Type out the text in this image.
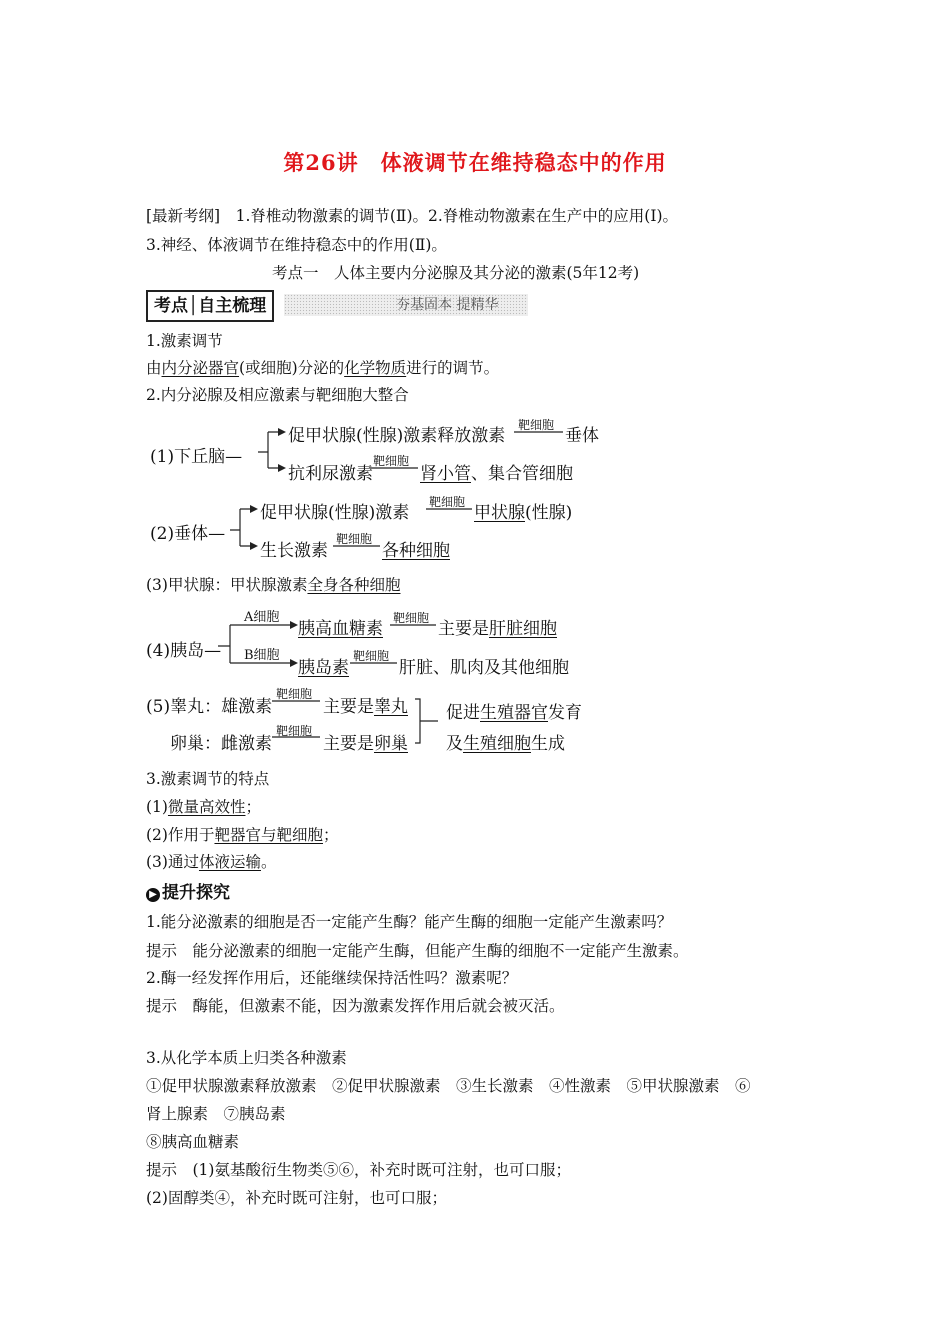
第26讲　体液调节在维持稳态中的作用
[最新考纲]　1.脊椎动物激素的调节(Ⅱ)。2.脊椎动物激素在生产中的应用(Ⅰ)。
3.神经、体液调节在维持稳态中的作用(Ⅱ)。
考点一　人体主要内分泌腺及其分泌的激素(5年12考)
考点│自主梳理	夯基固本 提精华
1.激素调节
由内分泌器官(或细胞)分泌的化学物质进行的调节。
2.内分泌腺及相应激素与靶细胞大整合
(1)下丘脑—
促甲状腺(性腺)激素释放激素
靶细胞
垂体
抗利尿激素
靶细胞
肾小管、集合管细胞
(2)垂体—
促甲状腺(性腺)激素
靶细胞
甲状腺(性腺)
生长激素
靶细胞
各种细胞
(3)甲状腺：甲状腺激素全身各种细胞
(4)胰岛—
A细胞
胰高血糖素
靶细胞
主要是肝脏细胞
B细胞
胰岛素
靶细胞
肝脏、肌肉及其他细胞
(5)睾丸：雄激素
靶细胞
主要是睾丸
卵巢：雌激素
靶细胞
主要是卵巢
促进生殖器官发育
及生殖细胞生成
3.激素调节的特点
(1)微量高效性；
(2)作用于靶器官与靶细胞；
(3)通过体液运输。
▶ 提升探究
1.能分泌激素的细胞是否一定能产生酶？能产生酶的细胞一定能产生激素吗？
提示　能分泌激素的细胞一定能产生酶，但能产生酶的细胞不一定能产生激素。
2.酶一经发挥作用后，还能继续保持活性吗？激素呢？
提示　酶能，但激素不能，因为激素发挥作用后就会被灭活。
3.从化学本质上归类各种激素
①促甲状腺激素释放激素　②促甲状腺激素　③生长激素　④性激素　⑤甲状腺激素　⑥
肾上腺素　⑦胰岛素
⑧胰高血糖素
提示　(1)氨基酸衍生物类⑤⑥，补充时既可注射，也可口服；
(2)固醇类④，补充时既可注射，也可口服；
